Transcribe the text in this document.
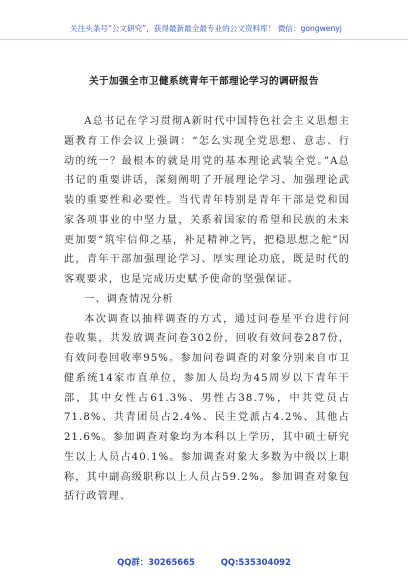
关注头条号“公文研究”，获得最新最全最专业的公文资料库！ 微信：gongwenyj
关于加强全市卫健系统青年干部理论学习的调研报告

A总书记在学习贯彻A新时代中国特色社会主义思想主题教育工作会议上强调：“怎么实现全党思想、意志、行动的统一？最根本的就是用党的基本理论武装全党。”A总书记的重要讲话，深刻阐明了开展理论学习、加强理论武装的重要性和必要性。当代青年特别是青年干部是党和国家各项事业的中坚力量，关系着国家的希望和民族的未来更加要“筑牢信仰之基，补足精神之钙，把稳思想之舵”因此，青年干部加强理论学习、厚实理论功底，既是时代的客观要求，也是完成历史赋予使命的坚强保证。

一、调查情况分析

本次调查以抽样调查的方式，通过问卷星平台进行问卷收集，共发放调查问卷302份，回收有效问卷287份，有效问卷回收率95%。参加问卷调查的对象分别来自市卫健系统14家市直单位，参加人员均为45周岁以下青年干部，其中女性占61.3%、男性占38.7%，中共党员占71.8%、共青团员占2.4%、民主党派占4.2%、其他占21.6%。参加调查对象均为本科以上学历，其中硕士研究生以上人员占40.1%。参加调查对象大多数为中级以上职称，其中副高级职称以上人员占59.2%。参加调查对象包括行政管理、

QQ群：30265665	QQ:535304092
